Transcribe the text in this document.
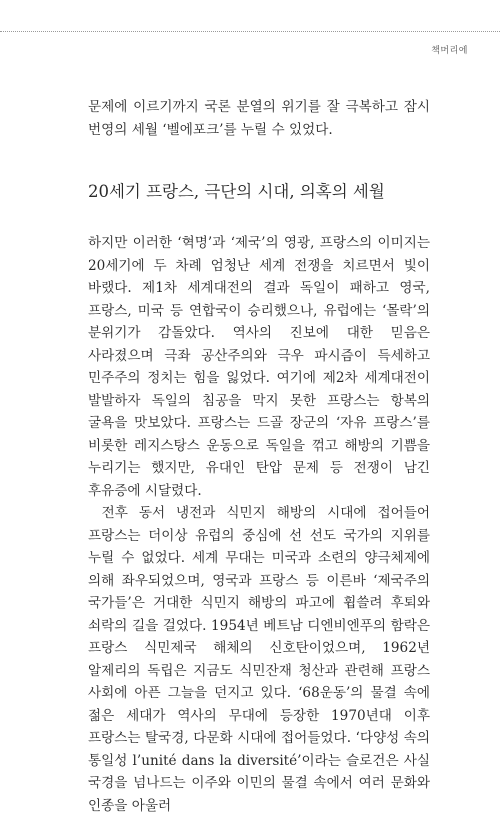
책머리에

문제에 이르기까지 국론 분열의 위기를 잘 극복하고 잠시 번영의 세월 ‘벨에포크’를 누릴 수 있었다.

20세기 프랑스, 극단의 시대, 의혹의 세월

하지만 이러한 ‘혁명’과 ‘제국’의 영광, 프랑스의 이미지는 20세기에 두 차례 엄청난 세계 전쟁을 치르면서 빛이 바랬다. 제1차 세계대전의 결과 독일이 패하고 영국, 프랑스, 미국 등 연합국이 승리했으나, 유럽에는 ‘몰락’의 분위기가 감돌았다. 역사의 진보에 대한 믿음은 사라졌으며 극좌 공산주의와 극우 파시즘이 득세하고 민주주의 정치는 힘을 잃었다. 여기에 제2차 세계대전이 발발하자 독일의 침공을 막지 못한 프랑스는 항복의 굴욕을 맛보았다. 프랑스는 드골 장군의 ‘자유 프랑스’를 비롯한 레지스탕스 운동으로 독일을 꺾고 해방의 기쁨을 누리기는 했지만, 유대인 탄압 문제 등 전쟁이 남긴 후유증에 시달렸다.

전후 동서 냉전과 식민지 해방의 시대에 접어들어 프랑스는 더이상 유럽의 중심에 선 선도 국가의 지위를 누릴 수 없었다. 세계 무대는 미국과 소련의 양극체제에 의해 좌우되었으며, 영국과 프랑스 등 이른바 ‘제국주의 국가들’은 거대한 식민지 해방의 파고에 휩쓸려 후퇴와 쇠락의 길을 걸었다. 1954년 베트남 디엔비엔푸의 함락은 프랑스 식민제국 해체의 신호탄이었으며, 1962년 알제리의 독립은 지금도 식민잔재 청산과 관련해 프랑스 사회에 아픈 그늘을 던지고 있다. ‘68운동’의 물결 속에 젊은 세대가 역사의 무대에 등장한 1970년대 이후 프랑스는 탈국경, 다문화 시대에 접어들었다. ‘다양성 속의 통일성 l’unité dans la diversité’이라는 슬로건은 사실 국경을 넘나드는 이주와 이민의 물결 속에서 여러 문화와 인종을 아울러
